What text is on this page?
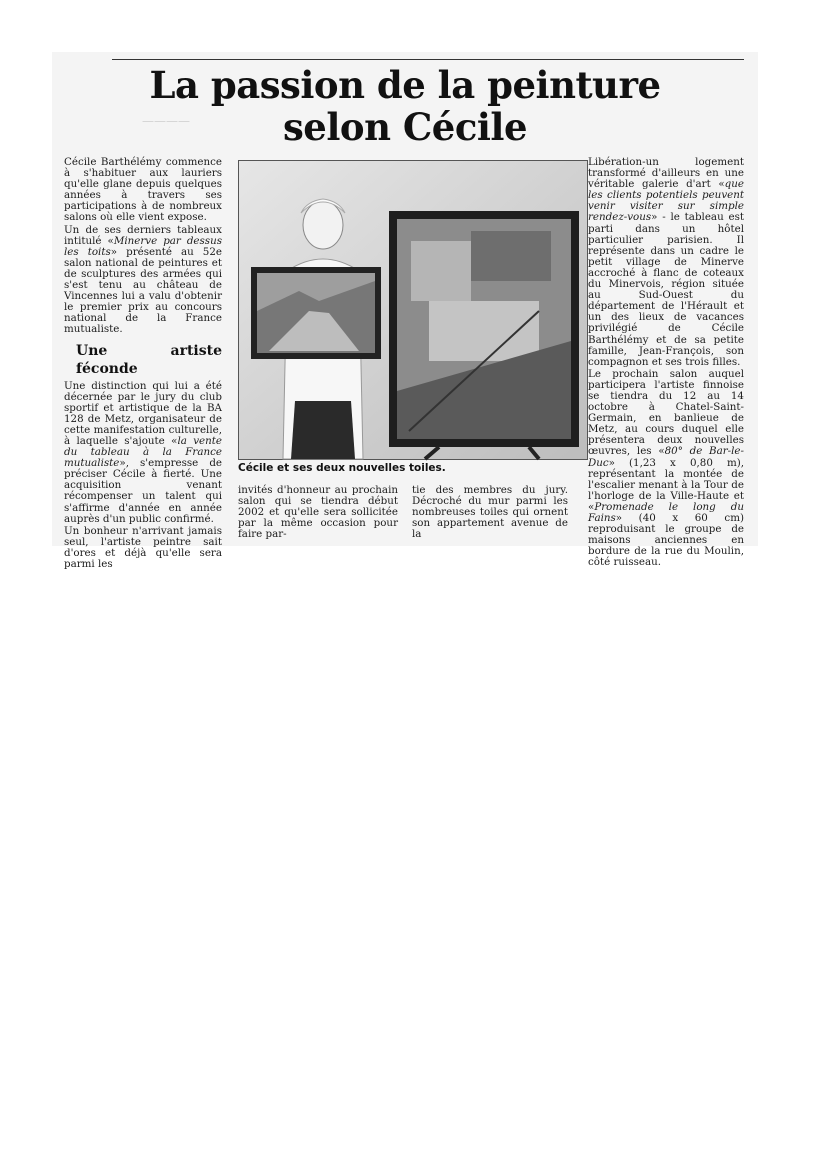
————
La passion de la peinture
selon Cécile

Cécile Barthélémy commence à s'habituer aux lauriers qu'elle glane depuis quelques années à travers ses participations à de nombreux salons où elle vient expose.

Un de ses derniers tableaux intitulé «Minerve par dessus les toits» présenté au 52e salon national de peintures et de sculptures des armées qui s'est tenu au château de Vincennes lui a valu d'obtenir le premier prix au concours national de la France mutualiste.

Une artiste féconde

Une distinction qui lui a été décernée par le jury du club sportif et artistique de la BA 128 de Metz, organisateur de cette manifestation culturelle, à laquelle s'ajoute «la vente du tableau à la France mutualiste», s'empresse de préciser Cécile à fierté. Une acquisition venant récompenser un talent qui s'affirme d'année en année auprès d'un public confirmé.

Un bonheur n'arrivant jamais seul, l'artiste peintre sait d'ores et déjà qu'elle sera parmi les

Cécile et ses deux nouvelles toiles.

invités d'honneur au prochain salon qui se tiendra début 2002 et qu'elle sera sollicitée par la même occasion pour faire par-

tie des membres du jury. Décroché du mur parmi les nombreuses toiles qui ornent son appartement avenue de la

Libération-un logement transformé d'ailleurs en une véritable galerie d'art «que les clients potentiels peuvent venir visiter sur simple rendez-vous» - le tableau est parti dans un hôtel particulier parisien. Il représente dans un cadre le petit village de Minerve accroché à flanc de coteaux du Minervois, région située au Sud-Ouest du département de l'Hérault et un des lieux de vacances privilégié de Cécile Barthélémy et de sa petite famille, Jean-François, son compagnon et ses trois filles.

Le prochain salon auquel participera l'artiste finnoise se tiendra du 12 au 14 octobre à Chatel-Saint-Germain, en banlieue de Metz, au cours duquel elle présentera deux nouvelles œuvres, les «80° de Bar-le-Duc» (1,23 x 0,80 m), représentant la montée de l'escalier menant à la Tour de l'horloge de la Ville-Haute et «Promenade le long du Fains» (40 x 60 cm) reproduisant le groupe de maisons anciennes en bordure de la rue du Moulin, côté ruisseau.
